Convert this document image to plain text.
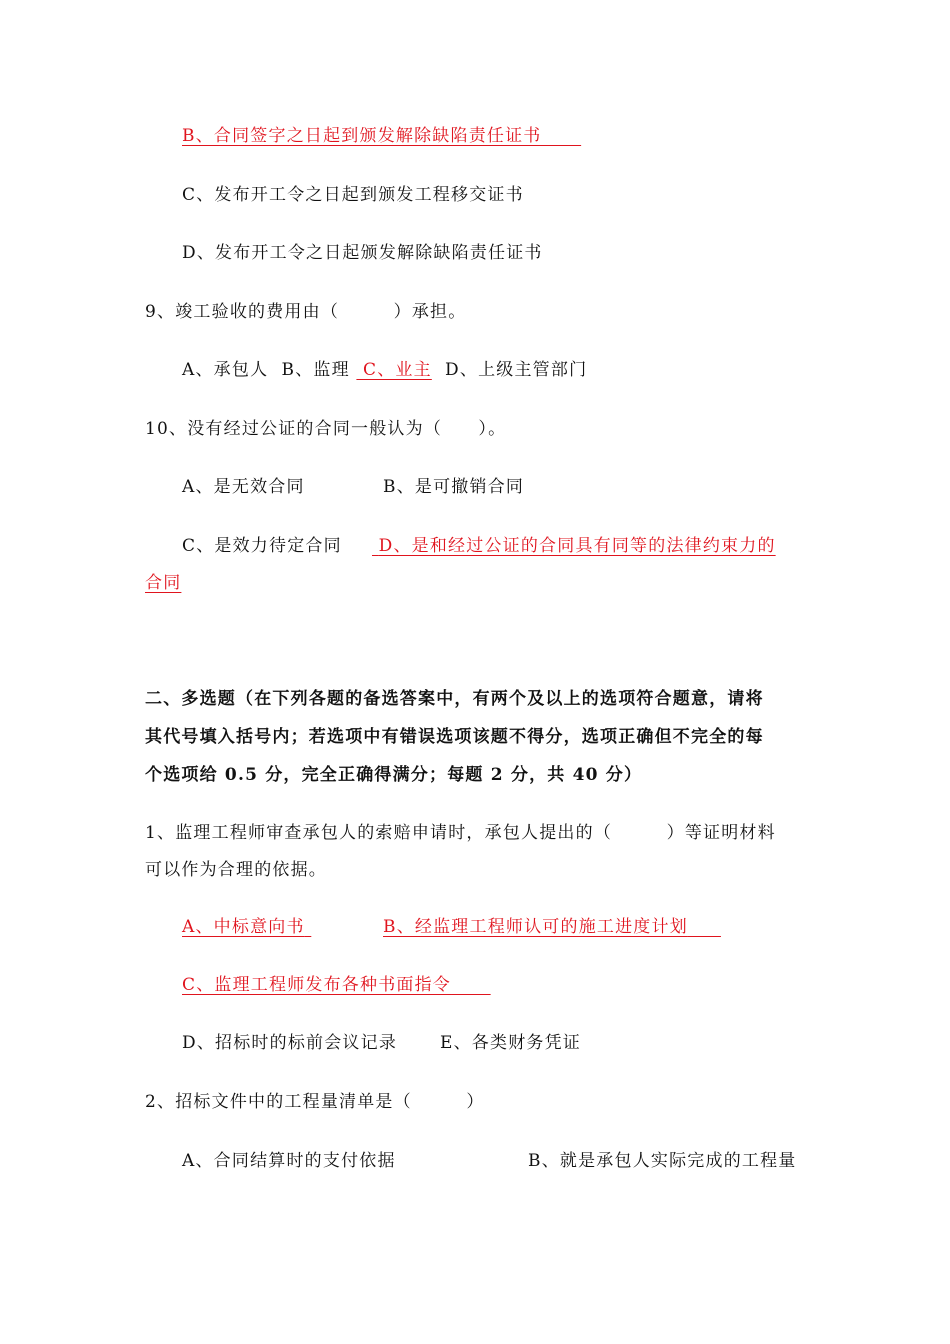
B、合同签字之日起到颁发解除缺陷责任证书
C、发布开工令之日起到颁发工程移交证书
D、发布开工令之日起颁发解除缺陷责任证书
9、竣工验收的费用由（　　　）承担。
A、承包人 B、监理 C、业主 D、上级主管部门
10、没有经过公证的合同一般认为（　　）。
A、是无效合同	B、是可撤销合同
C、是效力待定合同	D、是和经过公证的合同具有同等的法律约束力的
合同
二、多选题（在下列各题的备选答案中，有两个及以上的选项符合题意，请将
其代号填入括号内；若选项中有错误选项该题不得分，选项正确但不完全的每
个选项给 0.5 分，完全正确得满分；每题 2 分，共 40 分）
1、监理工程师审查承包人的索赔申请时，承包人提出的（　　　）等证明材料
可以作为合理的依据。
A、中标意向书	B、经监理工程师认可的施工进度计划
C、监理工程师发布各种书面指令
D、招标时的标前会议记录	E、各类财务凭证
2、招标文件中的工程量清单是（　　　）
A、合同结算时的支付依据	B、就是承包人实际完成的工程量
